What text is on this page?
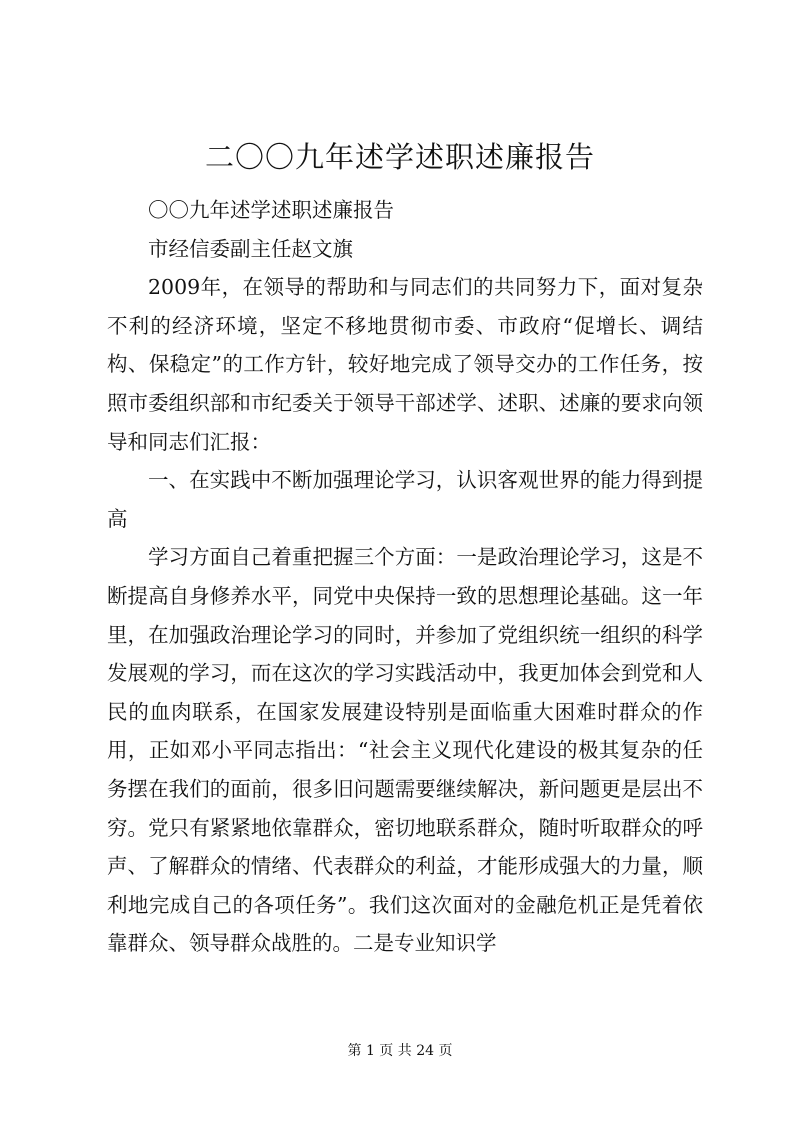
二〇〇九年述学述职述廉报告

〇〇九年述学述职述廉报告

市经信委副主任赵文旗

2009年，在领导的帮助和与同志们的共同努力下，面对复杂不利的经济环境，坚定不移地贯彻市委、市政府“促增长、调结构、保稳定”的工作方针，较好地完成了领导交办的工作任务，按照市委组织部和市纪委关于领导干部述学、述职、述廉的要求向领导和同志们汇报：

一、在实践中不断加强理论学习，认识客观世界的能力得到提高

学习方面自己着重把握三个方面：一是政治理论学习，这是不断提高自身修养水平，同党中央保持一致的思想理论基础。这一年里，在加强政治理论学习的同时，并参加了党组织统一组织的科学发展观的学习，而在这次的学习实践活动中，我更加体会到党和人民的血肉联系，在国家发展建设特别是面临重大困难时群众的作用，正如邓小平同志指出：“社会主义现代化建设的极其复杂的任务摆在我们的面前，很多旧问题需要继续解决，新问题更是层出不穷。党只有紧紧地依靠群众，密切地联系群众，随时听取群众的呼声、了解群众的情绪、代表群众的利益，才能形成强大的力量，顺利地完成自己的各项任务”。我们这次面对的金融危机正是凭着依靠群众、领导群众战胜的。二是专业知识学

第 1 页 共 24 页
